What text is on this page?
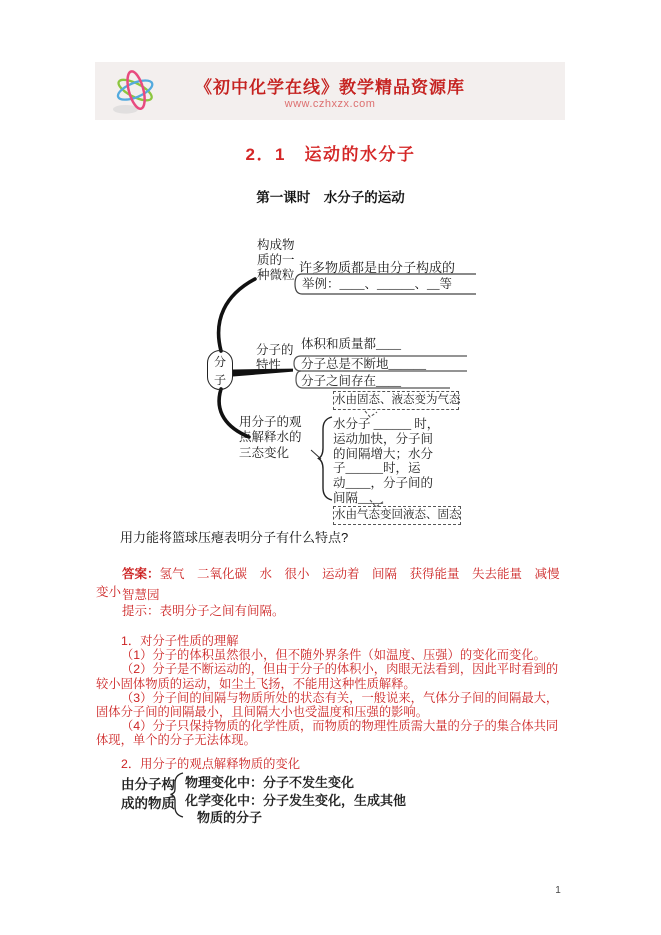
《初中化学在线》教学精品资源库
www.czhxzx.com
2．1　运动的水分子
第一课时　水分子的运动
分
子
构成物
质的一
种微粒 许多物质都是由分子构成的
举例：____、______、__等
分子的
特性
体积和质量都____
分子总是不断地______
分子之间存在____
水由固态、液态变为气态
用分子的观
点解释水的
三态变化
水分子 ______ 时，
运动加快，分子间
的间隔增大；水分
子______时，运
动____，分子间的
间隔____
水由气态变回液态、固态
用力能将篮球压瘪表明分子有什么特点?

答案：氢气　二氧化碳　水　很小　运动着　间隔　获得能量　失去能量　减慢　变小 智慧园
提示：表明分子之间有间隔。

1．对分子性质的理解

（1）分子的体积虽然很小，但不随外界条件（如温度、压强）的变化而变化。

（2）分子是不断运动的，但由于分子的体积小，肉眼无法看到，因此平时看到的较小固体物质的运动，如尘土飞扬，不能用这种性质解释。

（3）分子间的间隔与物质所处的状态有关，一般说来，气体分子间的间隔最大，固体分子间的间隔最小，且间隔大小也受温度和压强的影响。

（4）分子只保持物质的化学性质，而物质的物理性质需大量的分子的集合体共同体现，单个的分子无法体现。

2．用分子的观点解释物质的变化
由分子构
成的物质
物理变化中：分子不发生变化
化学变化中：分子发生变化，生成其他
物质的分子
1
